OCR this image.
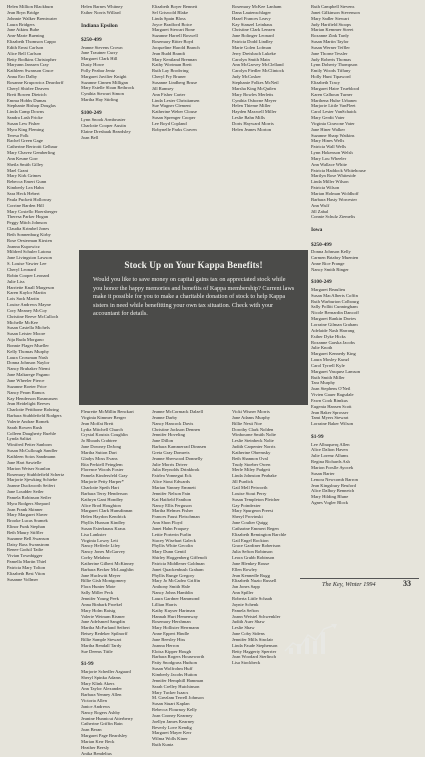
Helen Million Blackburn
Jean Bryn Bridge
Johnnie Walker Brentwater
Laura Bridgers
Jane Atkins Bube
Ann-Marie Buening
Elizabeth Thomson Cappo
Edith Ernst Carlson
Alice Bell Carlson
Betty Bodkins Christopher
Maryann Janssen Cray
Kathleen Swanson Cruce
Anna Ero Dalby
Rosanne Krupowicz Deardorff
Cheryl Shirlee Deaven
Brett Bowen Dietrich
Emma Hobbs Dumas
Stephanie Bishop Douglas
Linda Camp Downs
Sandra Lash Fricke
Susan Lew Fisher
Myra King Fleming
Teresa Folk
Rachel Green Gage
Catherine Bertrotti Gelbaur
Mary Chavez Gemberling
Ann Keune Gorr
Sheila Smith Gilley
Mael Grant
Mary Kirk Grimes
Rebecca Emert Gunn
Kimberly Lea Hahn
Sara Heck Hebert
Paula Puckett Holloway
Corrine Barden Hill
Mary Costello Hoersberger
Theresa Parker Hogan
Peggy Mitch Johnson
Claudia Krimbel Jones
Beth Sonnenburg Kirby
Rose Oesterman Kirsten
Joanna Kupowicz
Mildred Schuler Latona
Jane Livingston Lawson
S. Louise Vawter Lee
Cheryl Leonard
Robin Cooper Leonard
Julie Liss
Harriette Knall Margeson
Karen Kaylor Martin
Lois Sack Martin
Louise Andrews Mayne
Cory Meaney McCoy
Christine Reeve McCulloch
Michelle McKee
Susan Castella Michels
Susan Leister Moore
Aija Ruda Morgano
Bonnie Flager Mueller
Kelly Thomas Murphy
Laura Crossman Nash
Donna Johnson Naylor
Nancy Brubaker Niemi
Jane Maltarege Pagano
Jane Wheeler Pierce
Suzanne Roeter Price
Nancy Pearn Ramos
Kay Henderson Rasmussen
Jean Heidelight Reeves
Charlotte Pettibone Rohring
Barbara Stubblefield Rodgers
Valerie Andrae Romek
Sarah Rowen Rush
Colleen Daugherty Ruehle
Lynda Salitzi
Winifred Petter Sanborn
Susan McCullough Sandler
Kathleen Sotos Sandmann
Jane Hart Sawtelle
Marion Weiser Scanlon
Rosemary Stubblefield Schertz
Marjorie Sjewking Schiebe
Joanne Duckworth Seifert
Jane Loudder Seiler
Pamela Robinson Seiler
Myra Rodgers Shepard
Joan Frank Skinner
Mary Margaret Slaver
Brooke Lucas Sramek
Elinor Funk Stephan
Beth Maury Stiffler
Suzanne Bell Swanson
Daisy Bass Swanstrom
Renee Godsil Tatlie
Vivian Townbigger
Pamella Martin Thiel
Patricia Mary Tolton
Elizabeth Best Viton
Susanne Vollmer
Helen Barnes Whitney
Esther Norris Willard
Indiana Epsilon
$250-499
Jeanne Stevens Crown
Jane Trautner Curry
Margaret Clark Hill
Dusty Howe
Polly Peabar Jentz
Margaret Juvilier Knight
Suzanne Cinnen Milligan
Mary Estelle Sloan Rethrock
Cynthia Stewart Simon
Martha Hay Stirling
$100-249
Lynn Snook Armbruster
Charlotte Cooper Austin
Elaine Dresbaak Beardsley
Joan Bell
Elizabeth Boyer Bennett
Sel Griswold Blake
Linda Spain Bloss
Joyce Bradford Boice
Margaret Stewart Bone
Suzanne Harrell Boswell
Rosemary Ritter Boyd
Jacqueline Harold Branch
Jean Budd Brandt
Mary Kentland Brennan
Kathy Wortman Brett
Ruth Lay Brodrring
Cheryl Fry Bruner
Susanne Lindberg Bruse
Jill Ramsey
Ann Fisher Carter
Linda Lester Christiansen
Sue Wagner Clement
Katherine Weber Clouse
Susan Sprenger Cooper
Lee Boyd Copland
Robynelle Parks Craven
Rosemary McKee Lanham
Dana Lautenschlager
Hazel Frances Leavy
Kay Stanzel Leinhaus
Christine Clark Lenzen
Jane Bolinger Leonard
Patricia Dodd Lindley
Marie Golen Lofman
Jerry Dreisbach Lukeke
Carolyn Smith Main
Ann McGarvey McClelland
Carolyn Fiedler McClintock
Judy McCosker
Stephanie Folkes McNeil
Marsha King McQuilen
Mary Bowles Merletts
Cynthia Osborne Meyer
Helen Thieme Miller
Hayden Maxwell Miller
Leslie Bahn Mills
Doris Hayward Morris
Helen Jeanes Morton
Ruth Campbell Stevens
Janet Gilkinson Stevenson
Mary Sadler Stewart
Judy Hartfield Stoops
Marian Kemmer Street
Roxanne Zink Tardy
Susan Martin Taylor
Susan Werner Teffler
Jane Thorne Tessler
Judy Roberts Thomas
Lynn Doherty Thompson
Emily Woods Tiffany
Holly Hunt Tipaword
Elizabeth Tracy
Margaret Haire Trueblood
Karen Calhoun Turner
Marthena Hulse Urbanec
Marjorie Little VanFleet
Carol Lester VanSchaick
Mary Gerdit Vater
Virginia Ciravone Vater
Jane Hiner Walker
Suzanne Sharp Watkins
Mary Hines Wells
Patricia Wall Wells
Lynn Hokenson Welsh
Mary Lou Wheeler
Ann Wallace White
Patricia Haddock Whitehouse
Marilyn Rose Whiteside
Linda Miller Wilson
Patricia Wilson
Marian Holman Woldhoff
Barbara Hasty Worcester
Ann Wulf
Jill Zabal
Connie Schulz Ziemelis
Iowa
$250-499
Donna Johnson Kelly
Carmen Brtabry Muenten
Anne Rice Prange
Nancy Smith Ringer
$100-249
Margaret Beaulieu
Susan MacAlberts Coffin
Ruth Warburton Colbourg
Sally Pollitt Cunningham
Nicole Bernardin Dancoff
Margaret Rankin Davies
Lorraine Gilman Graham
Adelaide Nash Harrang
Esther Dyke Hicks
Roxanne Garska Jacobs
Julie Knoth
Margaret Kennedy King
Laura Mosley Kunzl
Carol Tyrrell Kyle
Margaret Vasquez Lamson
Ruth Smith Miller
Tara Murphy
Joan Stephens O'Neil
Vivien Gauer Ragsdale
Fawn Cook Rimkus
Eugenia Hansen Scott
Jean Baker Sprosser
Tami Myers Stewart
Lorraine Baker Wilson
$1-99
Lee Albuquerq Allen
Alice Dalton Haven
Julie Lorenz Allums
Regina Richards Ash
Marion Forslle Ayocek
Susan Barter
Lenora Newcomb Barron
Jean Kingsbury Beuford
Alice Dalboy Bennetch
Mary Hilding Blune
Agnes Vogler Block
Stock Up on Your Kappa Benefits!
Would you like to save money on capital gains tax on appreciated stock while you honor the happy memories and benefits of Kappa membership? Current laws make it possible for you to make a charitable donation of stock to help Kappa sisters in need while benefitting your own tax situation. Check with your accountant for details.
Fleurette McMillin Benckart
Virginia Kimmer Berger
Jean Moffat Brett
Lydia Mitchell Church
Crystal Koutsis Coughlin
Jo Rhoads Crabtree
Jane Downey DeJong
Martha Sutton Dart
Gladys Moss Evans
Rita Perkiell Feinglem
Florence Woods Foster
Pamela Kindersfeld Gray
Marjorie Petty Harper*
Charlotte Speth Hart
Barbara Terry Henderson
Kathryn Gant Hondley
Alice Brod Houghton
Margaret Clark Hunsdinnan
Helen Haydon Kendrick
Phyllis Hunson Kindley
Susan Esterknaus Kraus
Lisa Lankster
Virginia Lowry Lett
Nancy Hefferle Liley
Nancy Jones McGarvey
Corby Melahno
Katherine Gilbert McKinney
Barbara Becker McLaughlin
Jane Huchwitt Meyer
Billie Gish Montgomery
Flora Hunter Mote
Sally Miller Peck
Jennifer Young Peek
Anna Binbark Proekel
Mary Holm Raisig
Valerie Weinum Rismer
Jane Adelsmed Sangdin
Martha McFarland Seibert
Betsey Redeker Spilnorff
Billie Sample Stewart
Martha Rendall Tardy
Sue Deems Tittle
$1-99
Marjorie Schedler Aagaard
Sheryl Spinka Adams
Mary Klink Akers
Ann Taylor Alexander
Barbara Yenney Allen
Victoria Allen
Janice Andrews
Nancy Rogers Ashby
Jeanine Hunnicut Atterberry
Catherine Griffin Bain
Joan Beran
Margaret Page Beardsley
Marian Kerr Beck
Heather Beesly
Anika Bendelius
Jeanne McCormack Dalzell
Jeanne Darby
Nancy Hancock Davis
Christine Jackson Dennen
Jennifer Hoveling
Jane Dillon
Barbara Kammerrad Dinnsen
Greta Gray Domreis
Jeanne Sherwood Donnelly
Julie Morris Driver
Julia Reynolds Drinkbrok
Fairlea Vonnegut Eck
Alice Stout Edwards
Marian Vanney Emmett
Jennifer Nelson Fain
Kat Hatfield Fanthon
Nancy Ellis Ferguson
Martha Helmes Fisher
Frances Faust Fleischman
Ann Shon Floyd
Janet Hahn Fraquey
Lettie Porterin Furlin
Stacey Wisehart Galeck
Phyllis White Gecolin
Mary Dunn Gentil
Shirley Hoggenberg Giffenolt
Patricia Middlener Goldman
Janet Quackenbush Graham
Phyllis Runge Gregory
Mary Jo McCadeo Griffin
Anthony Smith Hale
Nancy Johns Hamblin
Laura Gardner Hammond
Lillian Harris
Kathy Kuyser Hartman
Hannah Hurt Hemenway
Rosemary Hershman
Mary Hollister Herrmann
Anne Eppert Hindle
Jane Beesley Hiss
Joanna Herron
Eloisa Kipper Hough
Barbara Rogers Houseworth
Patty Snodgrass Hudson
Susan Wolfrohm Huff
Kimberly Jacobs Hutton
Jennifer Hemphill Hamman
Sarah Crelley Hutchinson
Mary Tucker Isaacs
M. Grezlam Terrell Johnson
Susan Stuart Kaplan
Rebecca Flournoy Kelly
Joan Cooney Kearney
Joellyn James Kearney
Beverly Love Kendig
Margaret Mayer Kerr
Wilma Wolls Kiner
Ruth Kuntz
Vicki Wisner Morris
Jane Adams Murphy
Billie Nesti Noe
Dorothy Clark Nolden
Winbourne Smith Nolte
Leslie Steinbeck Nolte
Judith Carpenter Norris
Katherine Obremsky
Beth Shannon Oval
Trudy Stoeber Owen
Merle Miley Padgett
Linda Johnston Peabake
Jill Purdick
Gail Mell Petworth
Louise Stout Perry
Susan Templeton Pletcher
Gay Poindexter
Mary Spurgeon Preest
Sheryl Provinski
Jane Coulter Quigg
Catharine Emmert Regen
Elizabeth Remington Barchle
Gail Engel Rockton
Grace Gardiner Robertson
Julia Sefton Robinson
Leora Grubb Robinson
Jane Blenkey Rouse
Ellen Rowley
Jean Kennedle Rugg
Elizabeth Nuzio Russell
Jan Jones Sapp
Ann Spiller
Roberta Little Schaab
Jaynie Schenk
Pamela Sefton
Joann Weistel Schwenkler
Judith Auer Shaw
Leslie Shaw
Jane Coby Sidens
Jennifer Mills Sinclair
Linda Faude Stephenson
Betty Haggerty Sperrier
Joan Woodard Sterlinch
Lisa Stockbeck
The Key, Winter 1994	33
